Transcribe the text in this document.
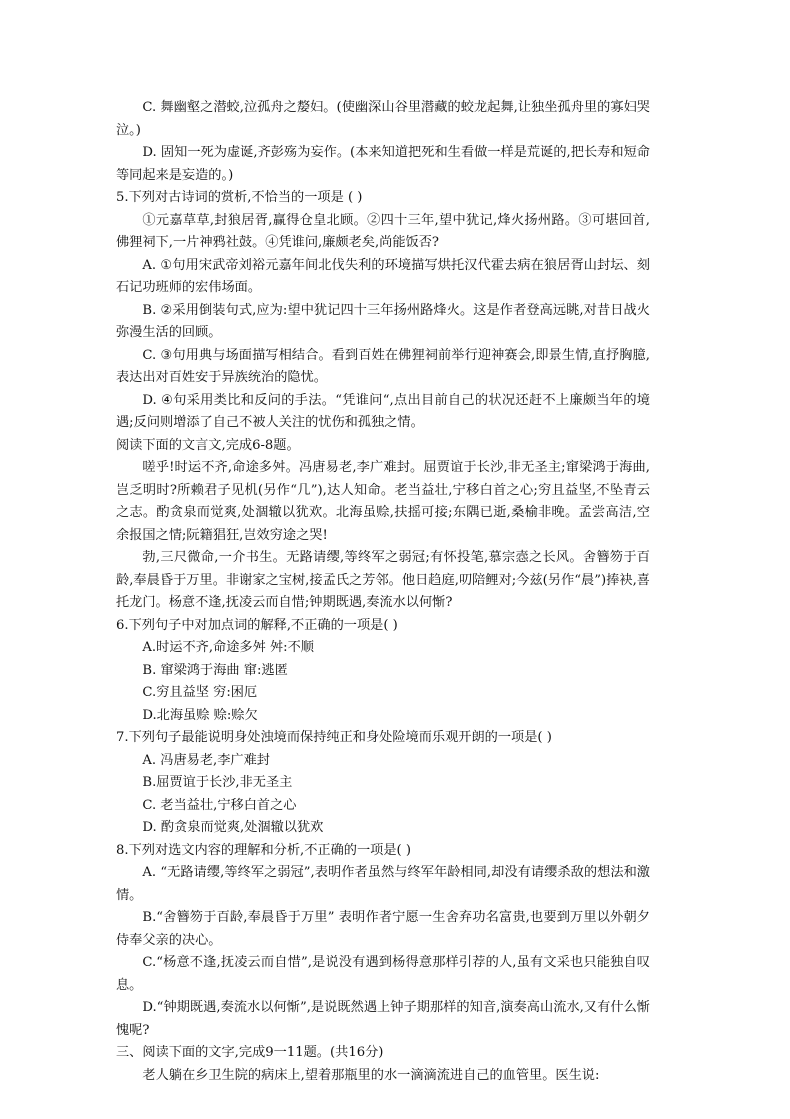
C. 舞幽壑之潜蛟,泣孤舟之嫠妇。(使幽深山谷里潜藏的蛟龙起舞,让独坐孤舟里的寡妇哭泣。)

D. 固知一死为虚诞,齐彭殇为妄作。(本来知道把死和生看做一样是荒诞的,把长寿和短命等同起来是妄造的。)

5.下列对古诗词的赏析,不恰当的一项是 ( )

①元嘉草草,封狼居胥,赢得仓皇北顾。②四十三年,望中犹记,烽火扬州路。③可堪回首,佛狸祠下,一片神鸦社鼓。④凭谁问,廉颇老矣,尚能饭否?

A. ①句用宋武帝刘裕元嘉年间北伐失利的环境描写烘托汉代霍去病在狼居胥山封坛、刻石记功班师的宏伟场面。

B. ②采用倒装句式,应为:望中犹记四十三年扬州路烽火。这是作者登高远眺,对昔日战火弥漫生活的回顾。

C. ③句用典与场面描写相结合。看到百姓在佛狸祠前举行迎神赛会,即景生情,直抒胸臆,表达出对百姓安于异族统治的隐忧。

D. ④句采用类比和反问的手法。“凭谁问“,点出目前自己的状况还赶不上廉颇当年的境遇;反问则增添了自己不被人关注的忧伤和孤独之情。

阅读下面的文言文,完成6-8题。

嗟乎!时运不齐,命途多舛。冯唐易老,李广难封。屈贾谊于长沙,非无圣主;窜梁鸿于海曲,岂乏明时?所赖君子见机(另作“几”),达人知命。老当益壮,宁移白首之心;穷且益坚,不坠青云之志。酌贪泉而觉爽,处涸辙以犹欢。北海虽赊,扶摇可接;东隅已逝,桑榆非晚。孟尝高洁,空余报国之情;阮籍猖狂,岂效穷途之哭!

勃,三尺微命,一介书生。无路请缨,等终军之弱冠;有怀投笔,慕宗悫之长风。舍簪笏于百龄,奉晨昏于万里。非谢家之宝树,接孟氏之芳邻。他日趋庭,叨陪鲤对;今兹(另作“晨”)捧袂,喜托龙门。杨意不逢,抚凌云而自惜;钟期既遇,奏流水以何惭?

6.下列句子中对加点词的解释,不正确的一项是( )

A.时运不齐,命途多舛 舛:不顺

B. 窜梁鸿于海曲 窜:逃匿

C.穷且益坚 穷:困厄

D.北海虽赊 赊:赊欠

7.下列句子最能说明身处浊境而保持纯正和身处险境而乐观开朗的一项是( )

A. 冯唐易老,李广难封

B.屈贾谊于长沙,非无圣主

C. 老当益壮,宁移白首之心

D. 酌贪泉而觉爽,处涸辙以犹欢

8.下列对选文内容的理解和分析,不正确的一项是( )

A. “无路请缨,等终军之弱冠”,表明作者虽然与终军年龄相同,却没有请缨杀敌的想法和激情。

B.“舍簪笏于百龄,奉晨昏于万里” 表明作者宁愿一生舍弃功名富贵,也要到万里以外朝夕侍奉父亲的决心。

C.“杨意不逢,抚凌云而自惜”,是说没有遇到杨得意那样引荐的人,虽有文采也只能独自叹息。

D.“钟期既遇,奏流水以何惭”,是说既然遇上钟子期那样的知音,演奏高山流水,又有什么惭愧呢?

三、阅读下面的文字,完成9一11题。(共16分)

老人躺在乡卫生院的病床上,望着那瓶里的水一滴滴流进自己的血管里。医生说:
